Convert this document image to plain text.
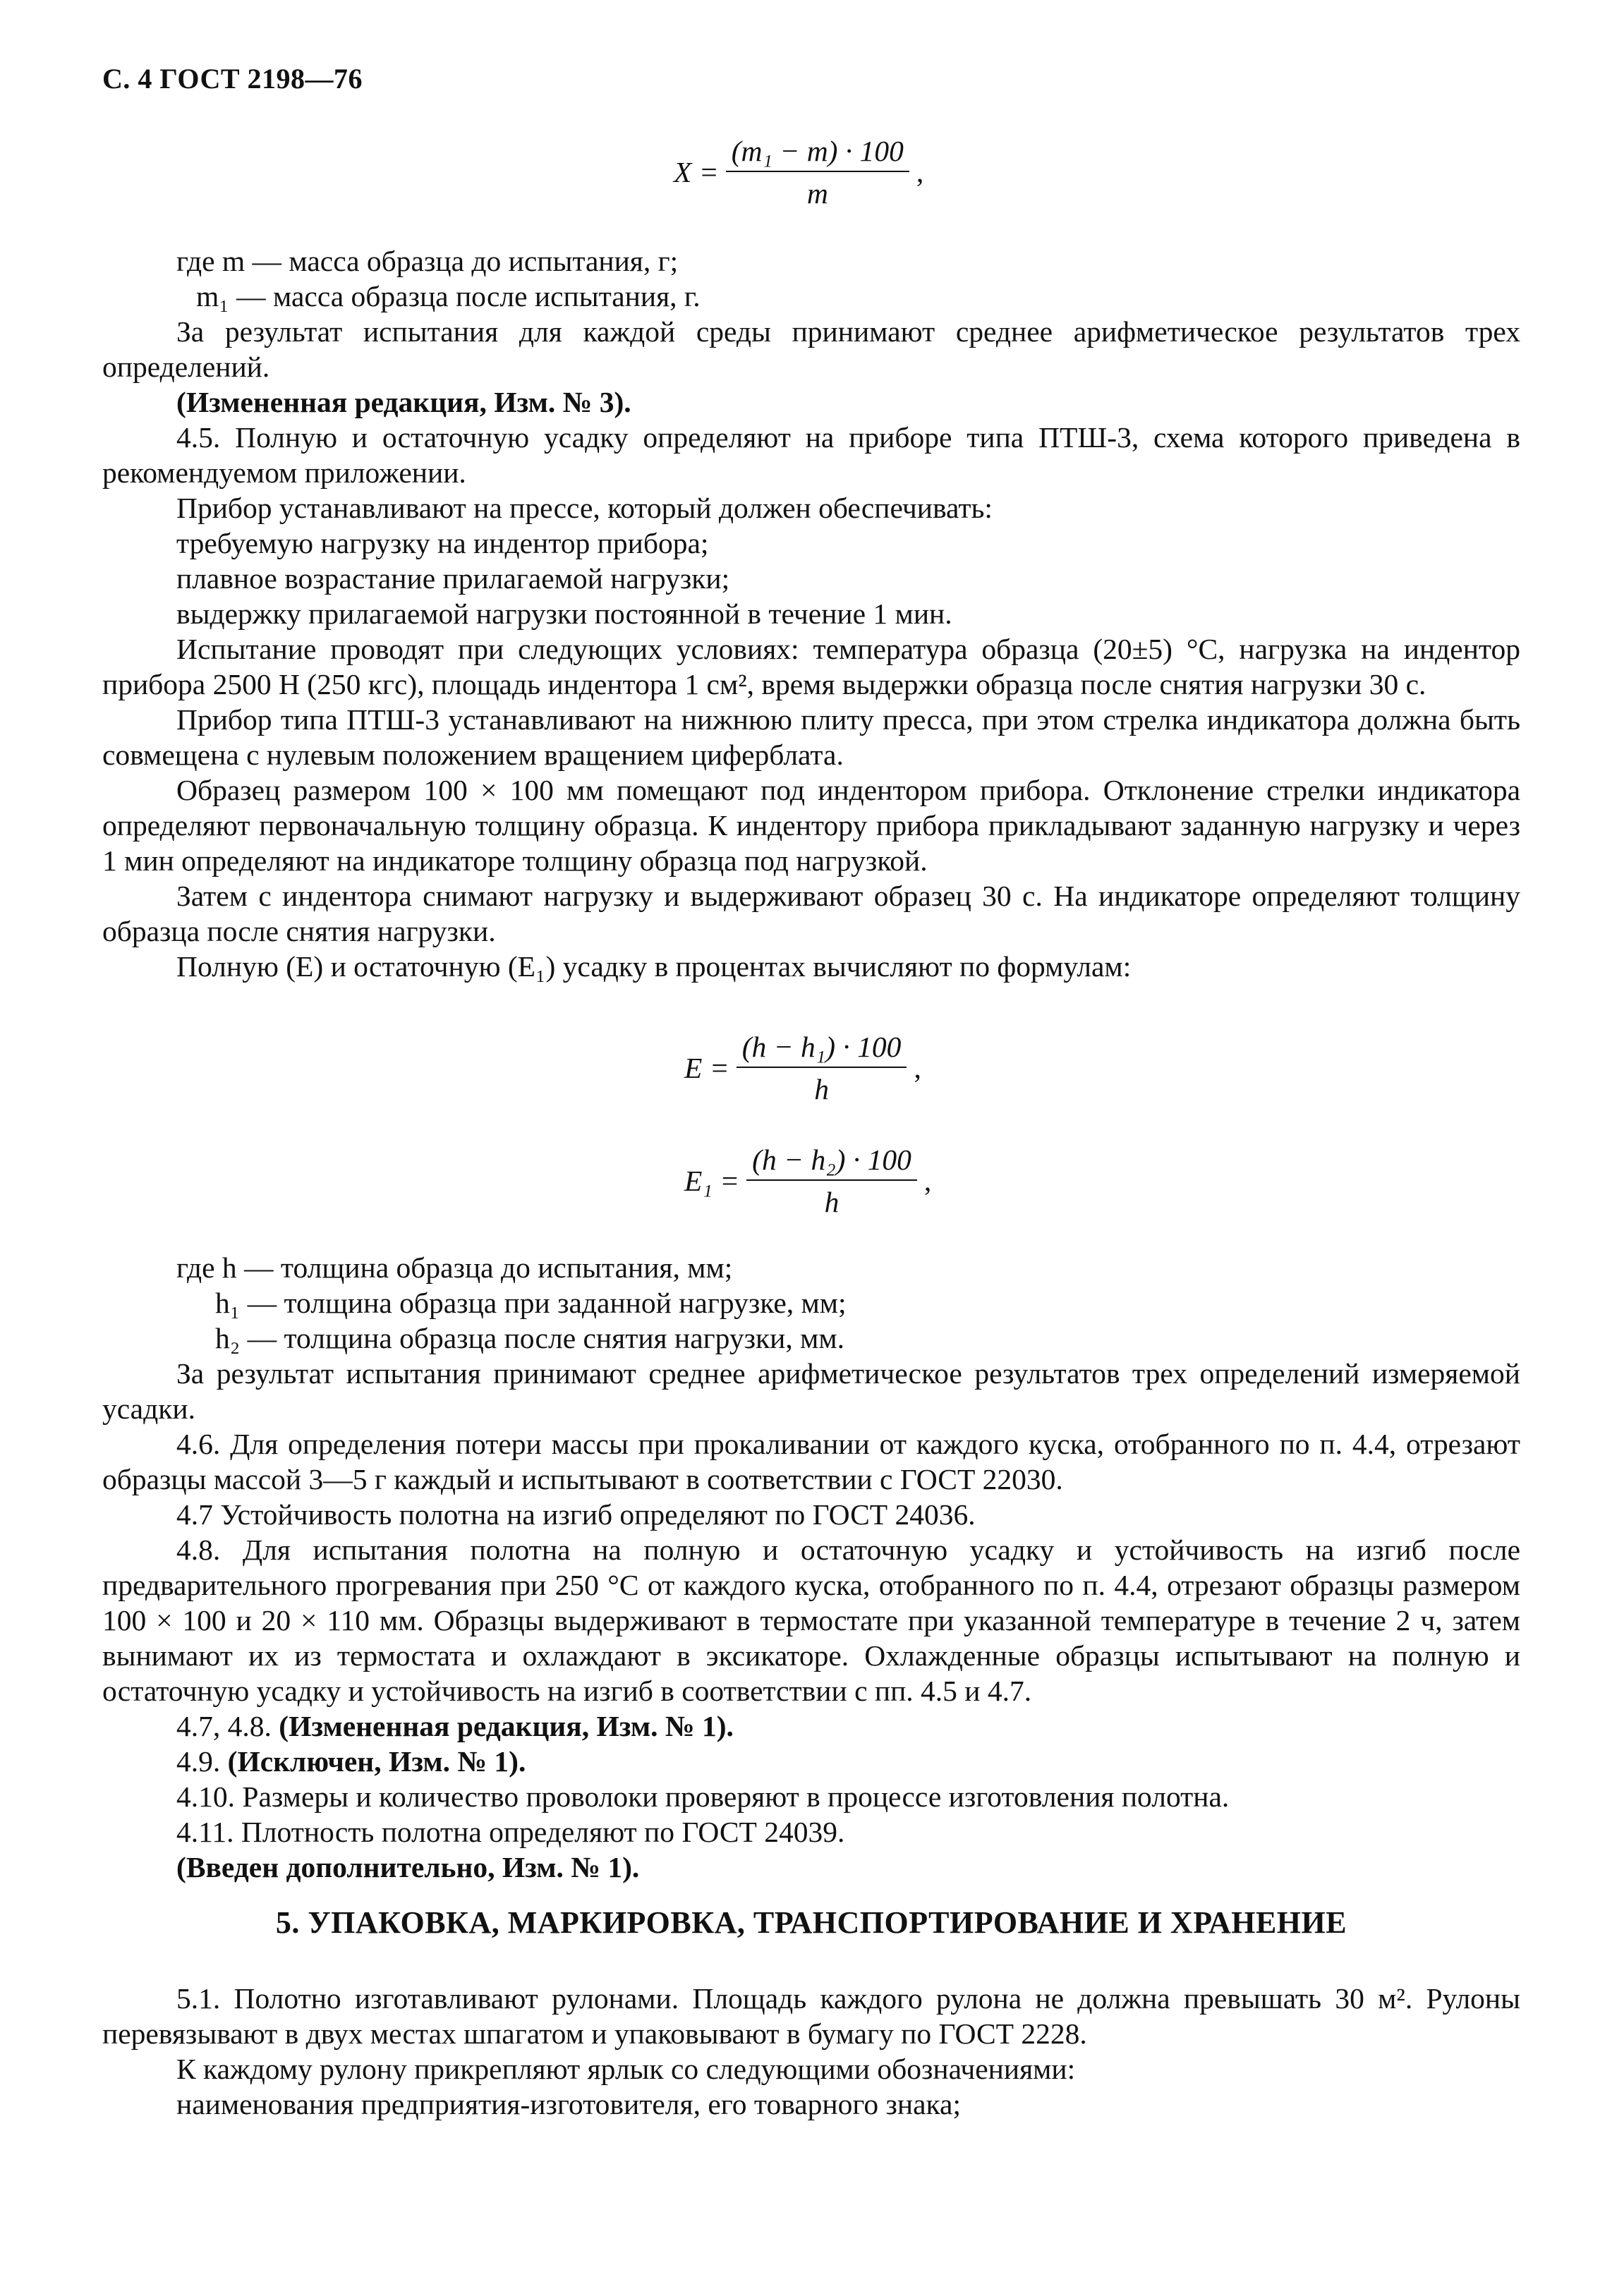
С. 4 ГОСТ 2198—76
$X = \frac{\text{(m₁ − m) · 100}}{m}$ ,
где m — масса образца до испытания, г;
m₁ — масса образца после испытания, г.
За результат испытания для каждой среды принимают среднее арифметическое результатов трех определений.
(Измененная редакция, Изм. № 3).
4.5. Полную и остаточную усадку определяют на приборе типа ПТШ-3, схема которого приведена в рекомендуемом приложении.
Прибор устанавливают на прессе, который должен обеспечивать:
требуемую нагрузку на индентор прибора;
плавное возрастание прилагаемой нагрузки;
выдержку прилагаемой нагрузки постоянной в течение 1 мин.
Испытание проводят при следующих условиях: температура образца (20±5) °С, нагрузка на индентор прибора 2500 Н (250 кгс), площадь индентора 1 см², время выдержки образца после снятия нагрузки 30 с.
Прибор типа ПТШ-3 устанавливают на нижнюю плиту пресса, при этом стрелка индикатора должна быть совмещена с нулевым положением вращением циферблата.
Образец размером 100 × 100 мм помещают под индентором прибора. Отклонение стрелки индикатора определяют первоначальную толщину образца. К индентору прибора прикладывают заданную нагрузку и через 1 мин определяют на индикаторе толщину образца под нагрузкой.
Затем с индентора снимают нагрузку и выдерживают образец 30 с. На индикаторе определяют толщину образца после снятия нагрузки.
Полную (E) и остаточную (E₁) усадку в процентах вычисляют по формулам:
$E = \frac{\text{(h − h₁) · 100}}{h}$ ,
$E_1 = \frac{\text{(h − h₂) · 100}}{h}$ ,
где h — толщина образца до испытания, мм;
h₁ — толщина образца при заданной нагрузке, мм;
h₂ — толщина образца после снятия нагрузки, мм.
За результат испытания принимают среднее арифметическое результатов трех определений измеряемой усадки.
4.6. Для определения потери массы при прокаливании от каждого куска, отобранного по п. 4.4, отрезают образцы массой 3—5 г каждый и испытывают в соответствии с ГОСТ 22030.
4.7 Устойчивость полотна на изгиб определяют по ГОСТ 24036.
4.8. Для испытания полотна на полную и остаточную усадку и устойчивость на изгиб после предварительного прогревания при 250 °С от каждого куска, отобранного по п. 4.4, отрезают образцы размером 100 × 100 и 20 × 110 мм. Образцы выдерживают в термостате при указанной температуре в течение 2 ч, затем вынимают их из термостата и охлаждают в эксикаторе. Охлажденные образцы испытывают на полную и остаточную усадку и устойчивость на изгиб в соответствии с пп. 4.5 и 4.7.
4.7, 4.8. (Измененная редакция, Изм. № 1).
4.9. (Исключен, Изм. № 1).
4.10. Размеры и количество проволоки проверяют в процессе изготовления полотна.
4.11. Плотность полотна определяют по ГОСТ 24039.
(Введен дополнительно, Изм. № 1).
5. УПАКОВКА, МАРКИРОВКА, ТРАНСПОРТИРОВАНИЕ И ХРАНЕНИЕ
5.1. Полотно изготавливают рулонами. Площадь каждого рулона не должна превышать 30 м². Рулоны перевязывают в двух местах шпагатом и упаковывают в бумагу по ГОСТ 2228.
К каждому рулону прикрепляют ярлык со следующими обозначениями:
наименования предприятия-изготовителя, его товарного знака;
